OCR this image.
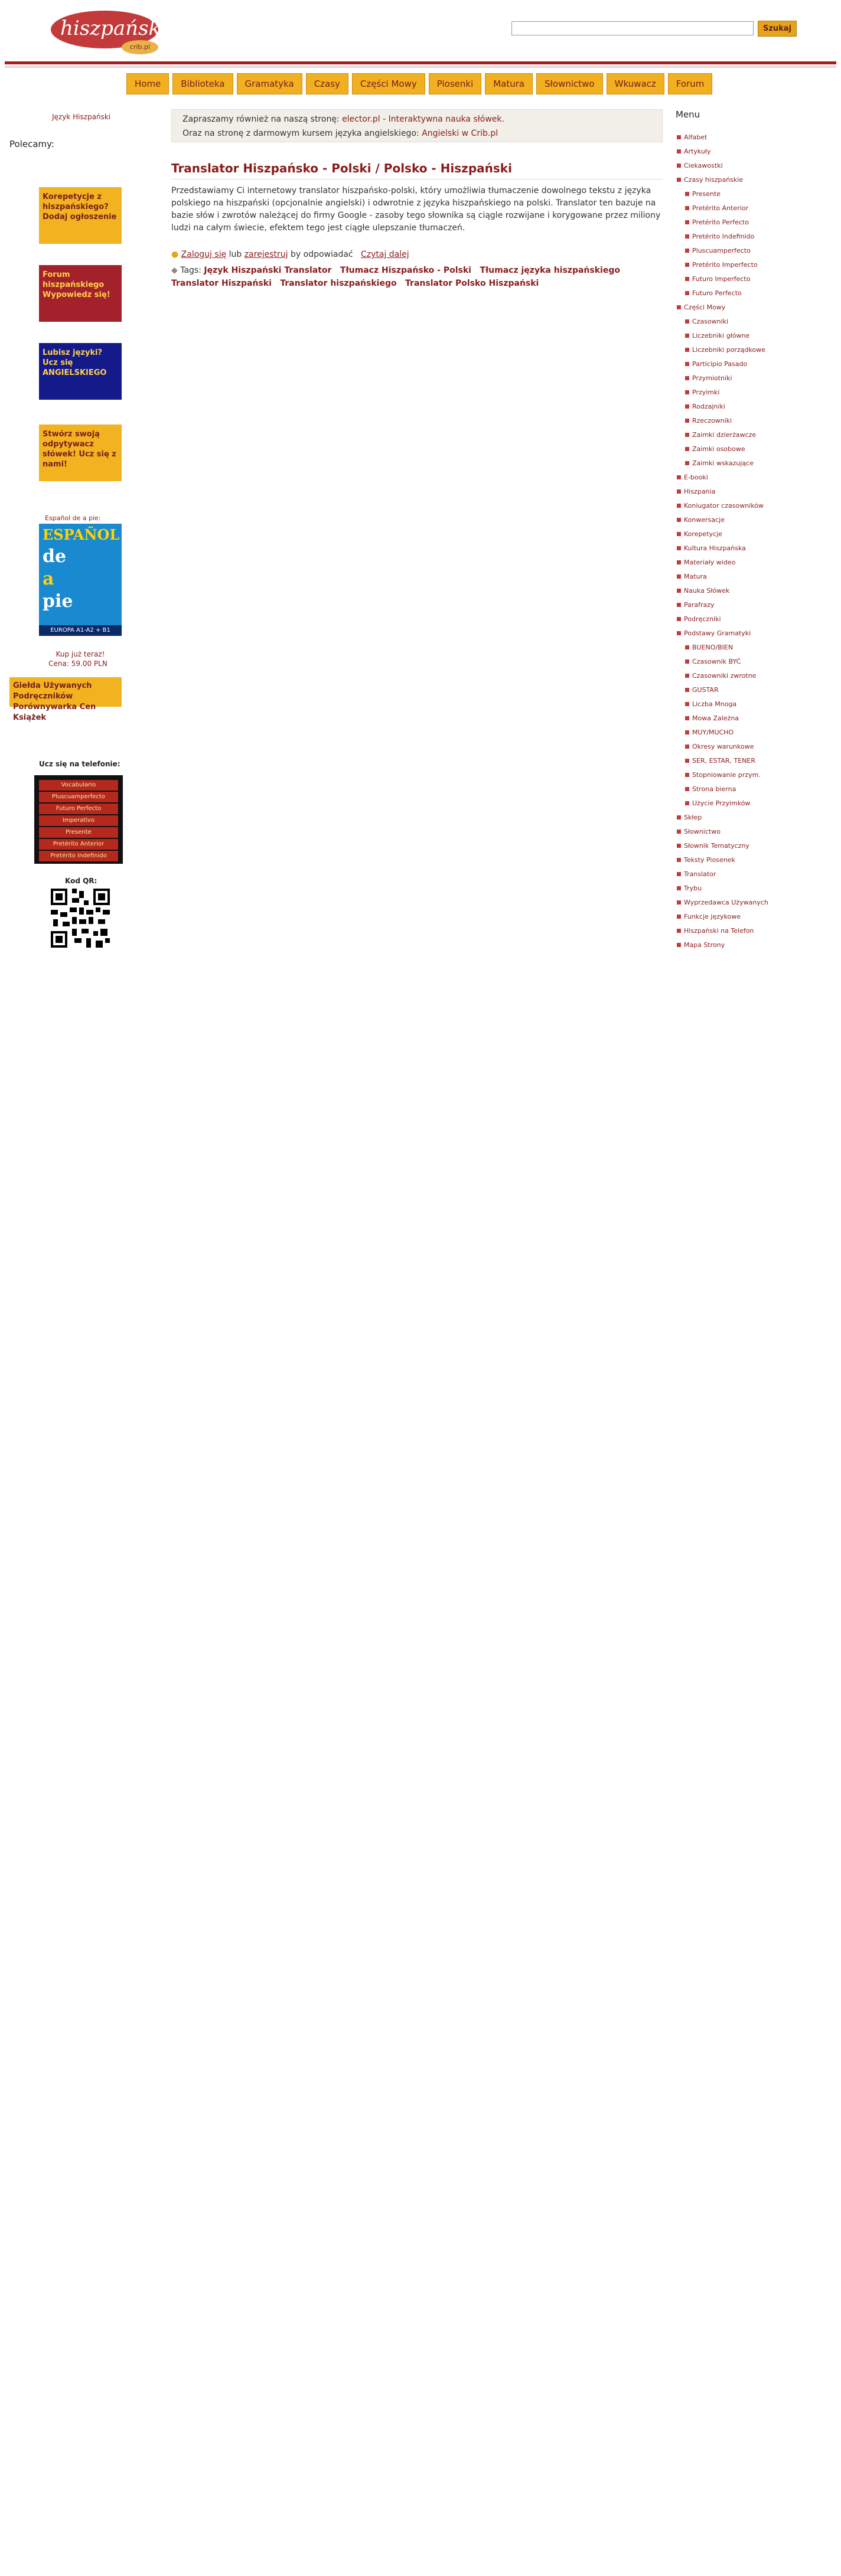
hiszpański
crib.pl
Szukaj
Home	Biblioteka	Gramatyka	Czasy	Części Mowy	Piosenki	Matura	Słownictwo	Wkuwacz	Forum
Język Hiszpański
Polecamy:
Korepetycje z hiszpańskiego? Dodaj ogłoszenie
Forum hiszpańskiego Wypowiedz się!
Lubisz języki? Ucz się ANGIELSKIEGO
Stwórz swoją odpytywacz słówek! Ucz się z nami!
Español de a pie:
ESPAÑOL
de
a
pie
EUROPA A1-A2 + B1
Kup już teraz!
Cena: 59.00 PLN
Giełda Używanych Podręczników Porównywarka Cen Książek
Ucz się na telefonie:
Vocabulario
Pluscuamperfecto
Futuro Perfecto
Imperativo
Presente
Pretérito Anterior
Pretérito Indefinido
Kod QR:
Zapraszamy również na naszą stronę: elector.pl - Interaktywna nauka słówek.
Oraz na stronę z darmowym kursem języka angielskiego: Angielski w Crib.pl
Translator Hiszpańsko - Polski / Polsko - Hiszpański
Przedstawiamy Ci internetowy translator hiszpańsko-polski, który umożliwia tłumaczenie dowolnego tekstu z języka polskiego na hiszpański (opcjonalnie angielski) i odwrotnie z języka hiszpańskiego na polski. Translator ten bazuje na bazie słów i zwrotów należącej do firmy Google - zasoby tego słownika są ciągle rozwijane i korygowane przez miliony ludzi na całym świecie, efektem tego jest ciągłe ulepszanie tłumaczeń.
● Zaloguj się lub zarejestruj by odpowiadać Czytaj dalej
◆ Tags: Język Hiszpański Translator Tłumacz Hiszpańsko - Polski Tłumacz języka hiszpańskiego Translator Hiszpański Translator hiszpańskiego Translator Polsko Hiszpański
Menu
Alfabet
Artykuły
Ciekawostki
Czasy hiszpańskie
Presente
Pretérito Anterior
Pretérito Perfecto
Pretérito Indefinido
Pluscuamperfecto
Pretérito Imperfecto
Futuro Imperfecto
Futuro Perfecto
Części Mowy
Czasowniki
Liczebniki główne
Liczebniki porządkowe
Participio Pasado
Przymiotniki
Przyimki
Rodzajniki
Rzeczowniki
Zaimki dzierżawcze
Zaimki osobowe
Zaimki wskazujące
E-booki
Hiszpania
Koniugator czasowników
Konwersacje
Korepetycje
Kultura Hiszpańska
Materiały wideo
Matura
Nauka Słówek
Parafrazy
Podręczniki
Podstawy Gramatyki
BUENO/BIEN
Czasownik BYĆ
Czasowniki zwrotne
GUSTAR
Liczba Mnoga
Mowa Zależna
MUY/MUCHO
Okresy warunkowe
SER, ESTAR, TENER
Stopniowanie przym.
Strona bierna
Użycie Przyimków
Skłep
Słownictwo
Słownik Tematyczny
Teksty Piosenek
Translator
Trybu
Wyprzedawca Używanych
Funkcje językowe
Hiszpański na Telefon
Mapa Strony
